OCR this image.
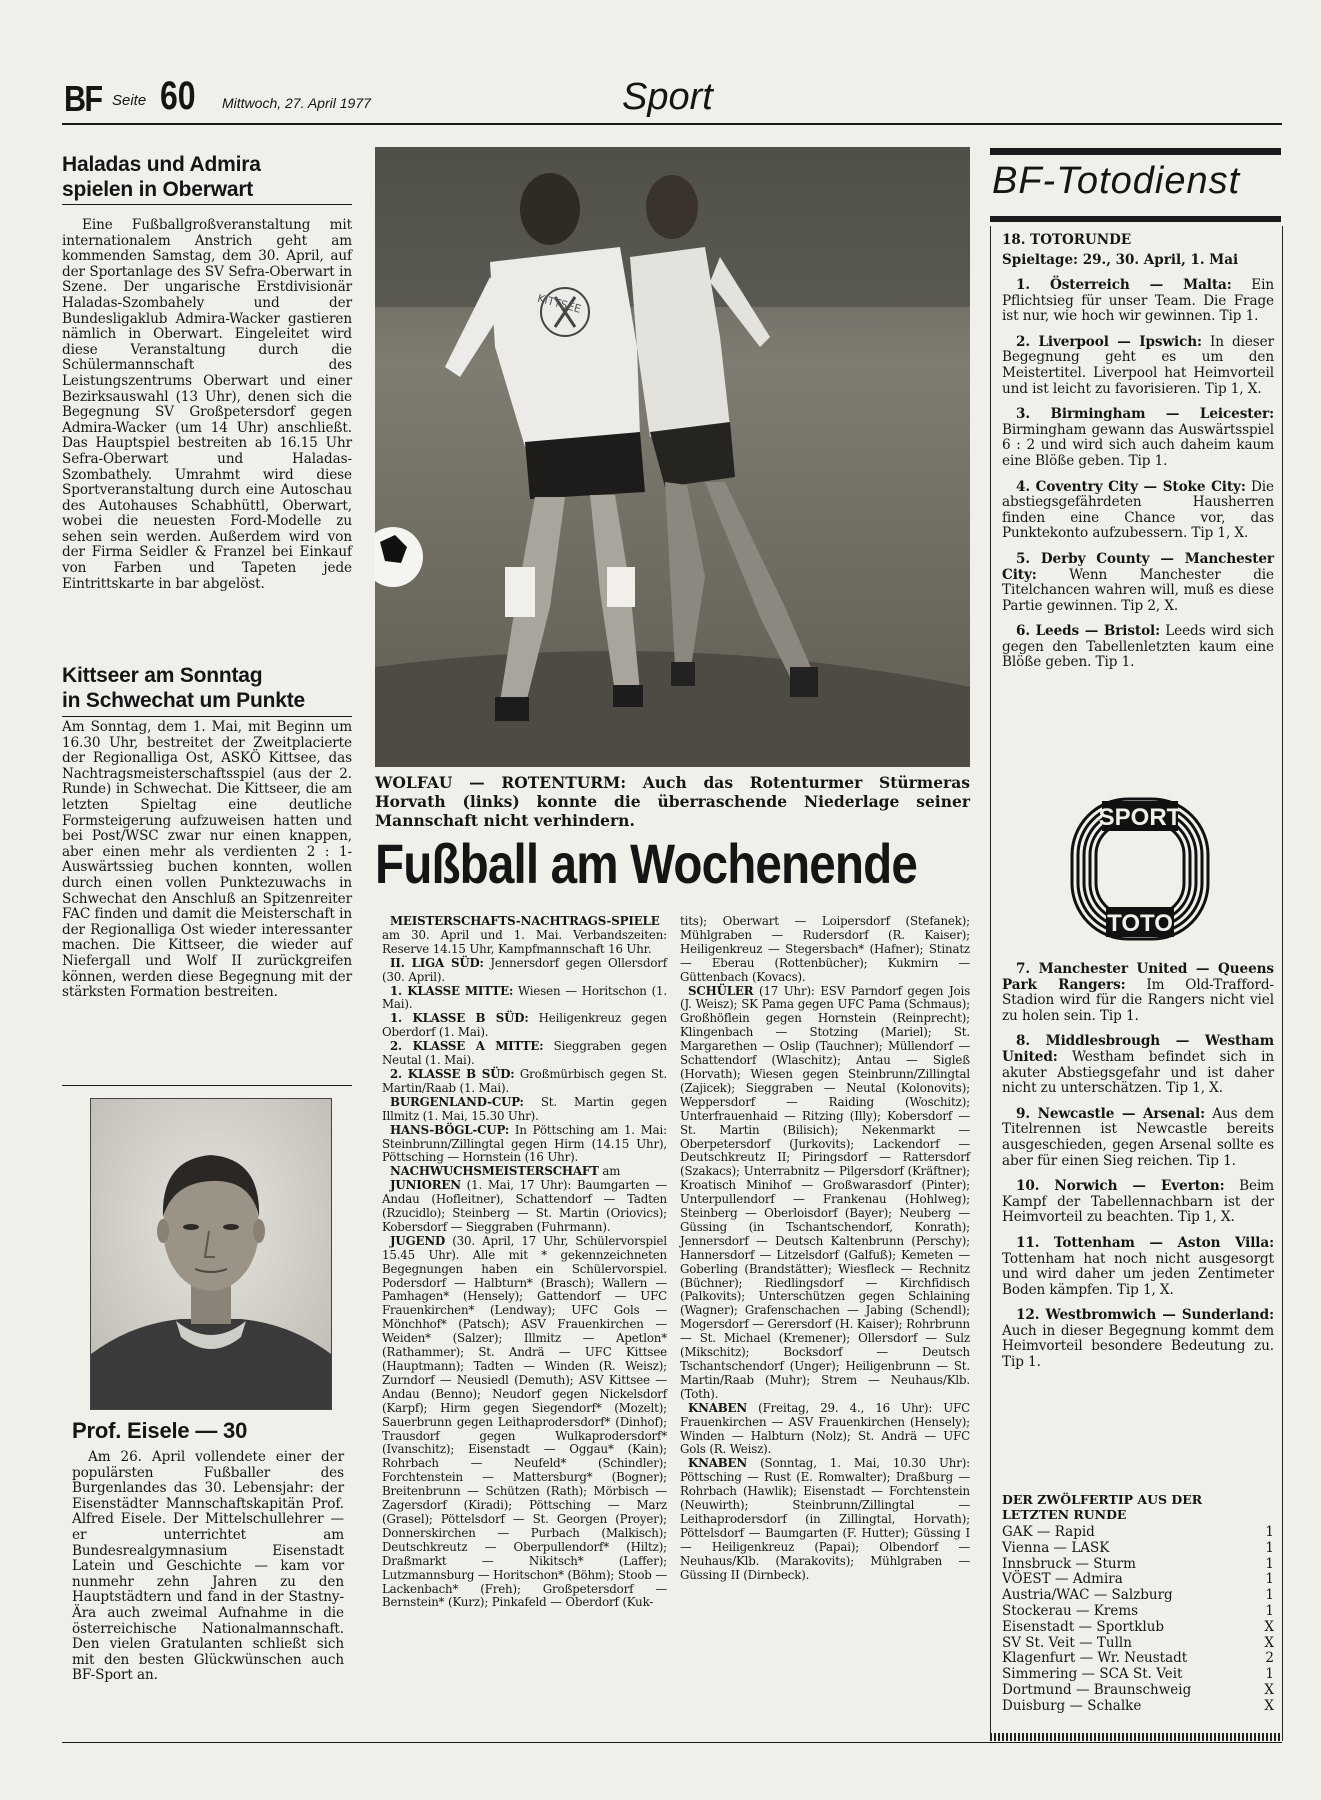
BF Seite 60 Mittwoch, 27. April 1977	Sport
Haladas und Admira
spielen in Oberwart

Eine Fußballgroßveranstaltung mit internationalem Anstrich geht am kommenden Samstag, dem 30. April, auf der Sportanlage des SV Sefra-Oberwart in Szene. Der ungarische Erstdivisionär Haladas-Szombahely und der Bundesligaklub Admira-Wacker gastieren nämlich in Oberwart. Eingeleitet wird diese Veranstaltung durch die Schülermannschaft des Leistungszentrums Oberwart und einer Bezirksauswahl (13 Uhr), denen sich die Begegnung SV Großpetersdorf gegen Admira-Wacker (um 14 Uhr) anschließt. Das Hauptspiel bestreiten ab 16.15 Uhr Sefra-Oberwart und Haladas-Szombathely. Umrahmt wird diese Sportveranstaltung durch eine Autoschau des Autohauses Schabhüttl, Oberwart, wobei die neuesten Ford-Modelle zu sehen sein werden. Außerdem wird von der Firma Seidler & Franzel bei Einkauf von Farben und Tapeten jede Eintrittskarte in bar abgelöst.

Kittseer am Sonntag
in Schwechat um Punkte

Am Sonntag, dem 1. Mai, mit Beginn um 16.30 Uhr, bestreitet der Zweitplacierte der Regionalliga Ost, ASKÖ Kittsee, das Nachtragsmeisterschaftsspiel (aus der 2. Runde) in Schwechat. Die Kittseer, die am letzten Spieltag eine deutliche Formsteigerung aufzuweisen hatten und bei Post/WSC zwar nur einen knappen, aber einen mehr als verdienten 2 : 1-Auswärtssieg buchen konnten, wollen durch einen vollen Punktezuwachs in Schwechat den Anschluß an Spitzenreiter FAC finden und damit die Meisterschaft in der Regionalliga Ost wieder interessanter machen. Die Kittseer, die wieder auf Niefergall und Wolf II zurückgreifen können, werden diese Begegnung mit der stärksten Formation bestreiten.

Prof. Eisele — 30

Am 26. April vollendete einer der populärsten Fußballer des Burgenlandes das 30. Lebensjahr: der Eisenstädter Mannschaftskapitän Prof. Alfred Eisele. Der Mittelschullehrer — er unterrichtet am Bundesrealgymnasium Eisenstadt Latein und Geschichte — kam vor nunmehr zehn Jahren zu den Hauptstädtern und fand in der Stastny-Ära auch zweimal Aufnahme in die österreichische Nationalmannschaft. Den vielen Gratulanten schließt sich mit den besten Glückwünschen auch BF-Sport an.

KITTSEE

WOLFAU — ROTENTURM: Auch das Rotenturmer Stürmeras Horvath (links) konnte die überraschende Niederlage seiner Mannschaft nicht verhindern.

Fußball am Wochenende

MEISTERSCHAFTS-NACHTRAGS-SPIELE am 30. April und 1. Mai. Verbandszeiten: Reserve 14.15 Uhr, Kampfmannschaft 16 Uhr.

II. LIGA SÜD: Jennersdorf gegen Ollersdorf (30. April).

1. KLASSE MITTE: Wiesen — Horitschon (1. Mai).

1. KLASSE B SÜD: Heiligenkreuz gegen Oberdorf (1. Mai).

2. KLASSE A MITTE: Sieggraben gegen Neutal (1. Mai).

2. KLASSE B SÜD: Großmürbisch gegen St. Martin/Raab (1. Mai).

BURGENLAND-CUP: St. Martin gegen Illmitz (1. Mai, 15.30 Uhr).

HANS-BÖGL-CUP: In Pöttsching am 1. Mai: Steinbrunn/Zillingtal gegen Hirm (14.15 Uhr), Pöttsching — Hornstein (16 Uhr).

NACHWUCHSMEISTERSCHAFT am

JUNIOREN (1. Mai, 17 Uhr): Baumgarten — Andau (Hofleitner), Schattendorf — Tadten (Rzucidlo); Steinberg — St. Martin (Oriovics); Kobersdorf — Sieggraben (Fuhrmann).

JUGEND (30. April, 17 Uhr, Schülervorspiel 15.45 Uhr). Alle mit * gekennzeichneten Begegnungen haben ein Schülervorspiel. Podersdorf — Halbturn* (Brasch); Wallern — Pamhagen* (Hensely); Gattendorf — UFC Frauenkirchen* (Lendway); UFC Gols — Mönchhof* (Patsch); ASV Frauenkirchen — Weiden* (Salzer); Illmitz — Apetlon* (Rathammer); St. Andrä — UFC Kittsee (Hauptmann); Tadten — Winden (R. Weisz); Zurndorf — Neusiedl (Demuth); ASV Kittsee — Andau (Benno); Neudorf gegen Nickelsdorf (Karpf); Hirm gegen Siegendorf* (Mozelt); Sauerbrunn gegen Leithaprodersdorf* (Dinhof); Trausdorf gegen Wulkaprodersdorf* (Ivanschitz); Eisenstadt — Oggau* (Kain); Rohrbach — Neufeld* (Schindler); Forchtenstein — Mattersburg* (Bogner); Breitenbrunn — Schützen (Rath); Mörbisch — Zagersdorf (Kiradi); Pöttsching — Marz (Grasel); Pöttelsdorf — St. Georgen (Proyer); Donnerskirchen — Purbach (Malkisch); Deutschkreutz — Oberpullendorf* (Hiltz); Draßmarkt — Nikitsch* (Laffer); Lutzmannsburg — Horitschon* (Böhm); Stoob — Lackenbach* (Freh); Großpetersdorf — Bernstein* (Kurz); Pinkafeld — Oberdorf (Kuk-

tits); Oberwart — Loipersdorf (Stefanek); Mühlgraben — Rudersdorf (R. Kaiser); Heiligenkreuz — Stegersbach* (Hafner); Stinatz — Eberau (Rottenbücher); Kukmirn — Güttenbach (Kovacs).

SCHÜLER (17 Uhr): ESV Parndorf gegen Jois (J. Weisz); SK Pama gegen UFC Pama (Schmaus); Großhöflein gegen Hornstein (Reinprecht); Klingenbach — Stotzing (Mariel); St. Margarethen — Oslip (Tauchner); Müllendorf — Schattendorf (Wlaschitz); Antau — Sigleß (Horvath); Wiesen gegen Steinbrunn/Zillingtal (Zajicek); Sieggraben — Neutal (Kolonovits); Weppersdorf — Raiding (Woschitz); Unterfrauenhaid — Ritzing (Illy); Kobersdorf — St. Martin (Bilisich); Nekenmarkt — Oberpetersdorf (Jurkovits); Lackendorf — Deutschkreutz II; Piringsdorf — Rattersdorf (Szakacs); Unterrabnitz — Pilgersdorf (Kräftner); Kroatisch Minihof — Großwarasdorf (Pinter); Unterpullendorf — Frankenau (Hohlweg); Steinberg — Oberloisdorf (Bayer); Neuberg — Güssing (in Tschantschendorf, Konrath); Jennersdorf — Deutsch Kaltenbrunn (Perschy); Hannersdorf — Litzelsdorf (Galfuß); Kemeten — Goberling (Brandstätter); Wiesfleck — Rechnitz (Büchner); Riedlingsdorf — Kirchfidisch (Palkovits); Unterschützen gegen Schlaining (Wagner); Grafenschachen — Jabing (Schendl); Mogersdorf — Gerersdorf (H. Kaiser); Rohrbrunn — St. Michael (Kremener); Ollersdorf — Sulz (Mikschitz); Bocksdorf — Deutsch Tschantschendorf (Unger); Heiligenbrunn — St. Martin/Raab (Muhr); Strem — Neuhaus/Klb. (Toth).

KNABEN (Freitag, 29. 4., 16 Uhr): UFC Frauenkirchen — ASV Frauenkirchen (Hensely); Winden — Halbturn (Nolz); St. Andrä — UFC Gols (R. Weisz).

KNABEN (Sonntag, 1. Mai, 10.30 Uhr): Pöttsching — Rust (E. Romwalter); Draßburg — Rohrbach (Hawlik); Eisenstadt — Forchtenstein (Neuwirth); Steinbrunn/Zillingtal — Leithaprodersdorf (in Zillingtal, Horvath); Pöttelsdorf — Baumgarten (F. Hutter); Güssing I — Heiligenkreuz (Papai); Olbendorf — Neuhaus/Klb. (Marakovits); Mühlgraben — Güssing II (Dirnbeck).

BF-Totodienst
18. TOTORUNDE
Spieltage: 29., 30. April, 1. Mai

1. Österreich — Malta: Ein Pflichtsieg für unser Team. Die Frage ist nur, wie hoch wir gewinnen. Tip 1.

2. Liverpool — Ipswich: In dieser Begegnung geht es um den Meistertitel. Liverpool hat Heimvorteil und ist leicht zu favorisieren. Tip 1, X.

3. Birmingham — Leicester: Birmingham gewann das Auswärtsspiel 6 : 2 und wird sich auch daheim kaum eine Blöße geben. Tip 1.

4. Coventry City — Stoke City: Die abstiegsgefährdeten Hausherren finden eine Chance vor, das Punktekonto aufzubessern. Tip 1, X.

5. Derby County — Manchester City: Wenn Manchester die Titelchancen wahren will, muß es diese Partie gewinnen. Tip 2, X.

6. Leeds — Bristol: Leeds wird sich gegen den Tabellenletzten kaum eine Blöße geben. Tip 1.

SPORT
TOTO

7. Manchester United — Queens Park Rangers: Im Old-Trafford-Stadion wird für die Rangers nicht viel zu holen sein. Tip 1.

8. Middlesbrough — Westham United: Westham befindet sich in akuter Abstiegsgefahr und ist daher nicht zu unterschätzen. Tip 1, X.

9. Newcastle — Arsenal: Aus dem Titelrennen ist Newcastle bereits ausgeschieden, gegen Arsenal sollte es aber für einen Sieg reichen. Tip 1.

10. Norwich — Everton: Beim Kampf der Tabellennachbarn ist der Heimvorteil zu beachten. Tip 1, X.

11. Tottenham — Aston Villa: Tottenham hat noch nicht ausgesorgt und wird daher um jeden Zentimeter Boden kämpfen. Tip 1, X.

12. Westbromwich — Sunderland: Auch in dieser Begegnung kommt dem Heimvorteil besondere Bedeutung zu. Tip 1.

DER ZWÖLFERTIP AUS DER
LETZTEN RUNDE
GAK — Rapid	1
Vienna — LASK	1
Innsbruck — Sturm	1
VÖEST — Admira	1
Austria/WAC — Salzburg	1
Stockerau — Krems	1
Eisenstadt — Sportklub	X
SV St. Veit — Tulln	X
Klagenfurt — Wr. Neustadt	2
Simmering — SCA St. Veit	1
Dortmund — Braunschweig	X
Duisburg — Schalke	X
